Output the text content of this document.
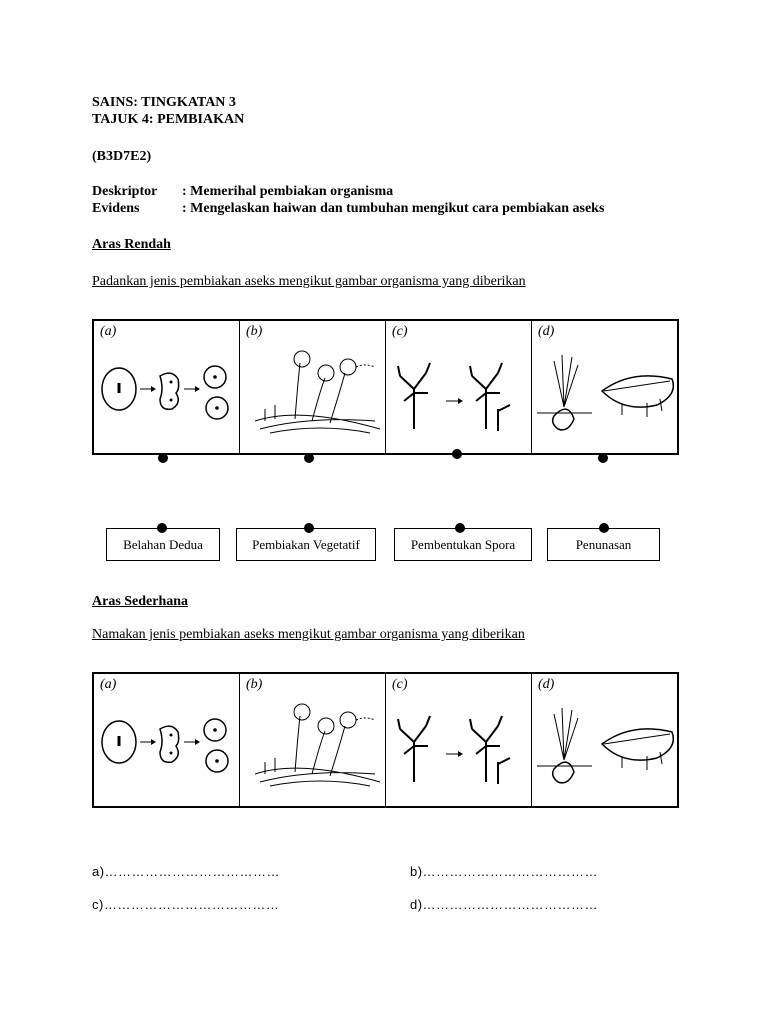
SAINS: TINGKATAN 3
TAJUK 4: PEMBIAKAN
(B3D7E2)
Deskriptor : Memerihal pembiakan organisma
Evidens	: Mengelaskan haiwan dan tumbuhan mengikut cara pembiakan aseks
Aras Rendah
Padankan jenis pembiakan aseks mengikut gambar organisma yang diberikan
(a)	(b)	(c)	(d)
Belahan Dedua	Pembiakan Vegetatif	Pembentukan Spora	Penunasan
Aras Sederhana
Namakan jenis pembiakan aseks mengikut gambar organisma yang diberikan
(a)	(b)	(c)	(d)
a)…………………………………	b)…………………………………
c)…………………………………	d)…………………………………
